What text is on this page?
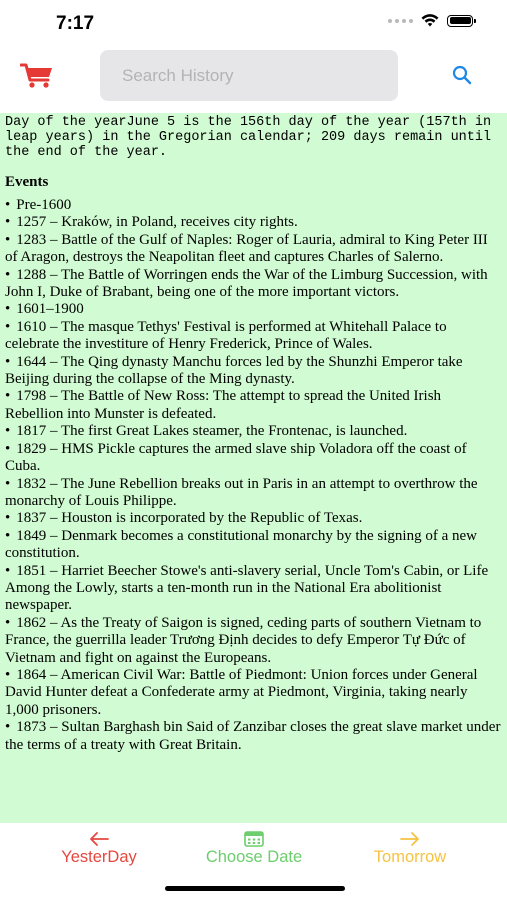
7:17
Search History

Day of the yearJune 5 is the 156th day of the year (157th in leap years) in the Gregorian calendar; 209 days remain until the end of the year.

Events
• Pre-1600
• 1257 – Kraków, in Poland, receives city rights.
• 1283 – Battle of the Gulf of Naples: Roger of Lauria, admiral to King Peter III of Aragon, destroys the Neapolitan fleet and captures Charles of Salerno.
• 1288 – The Battle of Worringen ends the War of the Limburg Succession, with John I, Duke of Brabant, being one of the more important victors.
• 1601–1900
• 1610 – The masque Tethys' Festival is performed at Whitehall Palace to celebrate the investiture of Henry Frederick, Prince of Wales.
• 1644 – The Qing dynasty Manchu forces led by the Shunzhi Emperor take Beijing during the collapse of the Ming dynasty.
• 1798 – The Battle of New Ross: The attempt to spread the United Irish Rebellion into Munster is defeated.
• 1817 – The first Great Lakes steamer, the Frontenac, is launched.
• 1829 – HMS Pickle captures the armed slave ship Voladora off the coast of Cuba.
• 1832 – The June Rebellion breaks out in Paris in an attempt to overthrow the monarchy of Louis Philippe.
• 1837 – Houston is incorporated by the Republic of Texas.
• 1849 – Denmark becomes a constitutional monarchy by the signing of a new constitution.
• 1851 – Harriet Beecher Stowe's anti-slavery serial, Uncle Tom's Cabin, or Life Among the Lowly, starts a ten-month run in the National Era abolitionist newspaper.
• 1862 – As the Treaty of Saigon is signed, ceding parts of southern Vietnam to France, the guerrilla leader Trương Định decides to defy Emperor Tự Đức of Vietnam and fight on against the Europeans.
• 1864 – American Civil War: Battle of Piedmont: Union forces under General David Hunter defeat a Confederate army at Piedmont, Virginia, taking nearly 1,000 prisoners.
• 1873 – Sultan Barghash bin Said of Zanzibar closes the great slave market under the terms of a treaty with Great Britain.
YesterDay	Choose Date	Tomorrow
